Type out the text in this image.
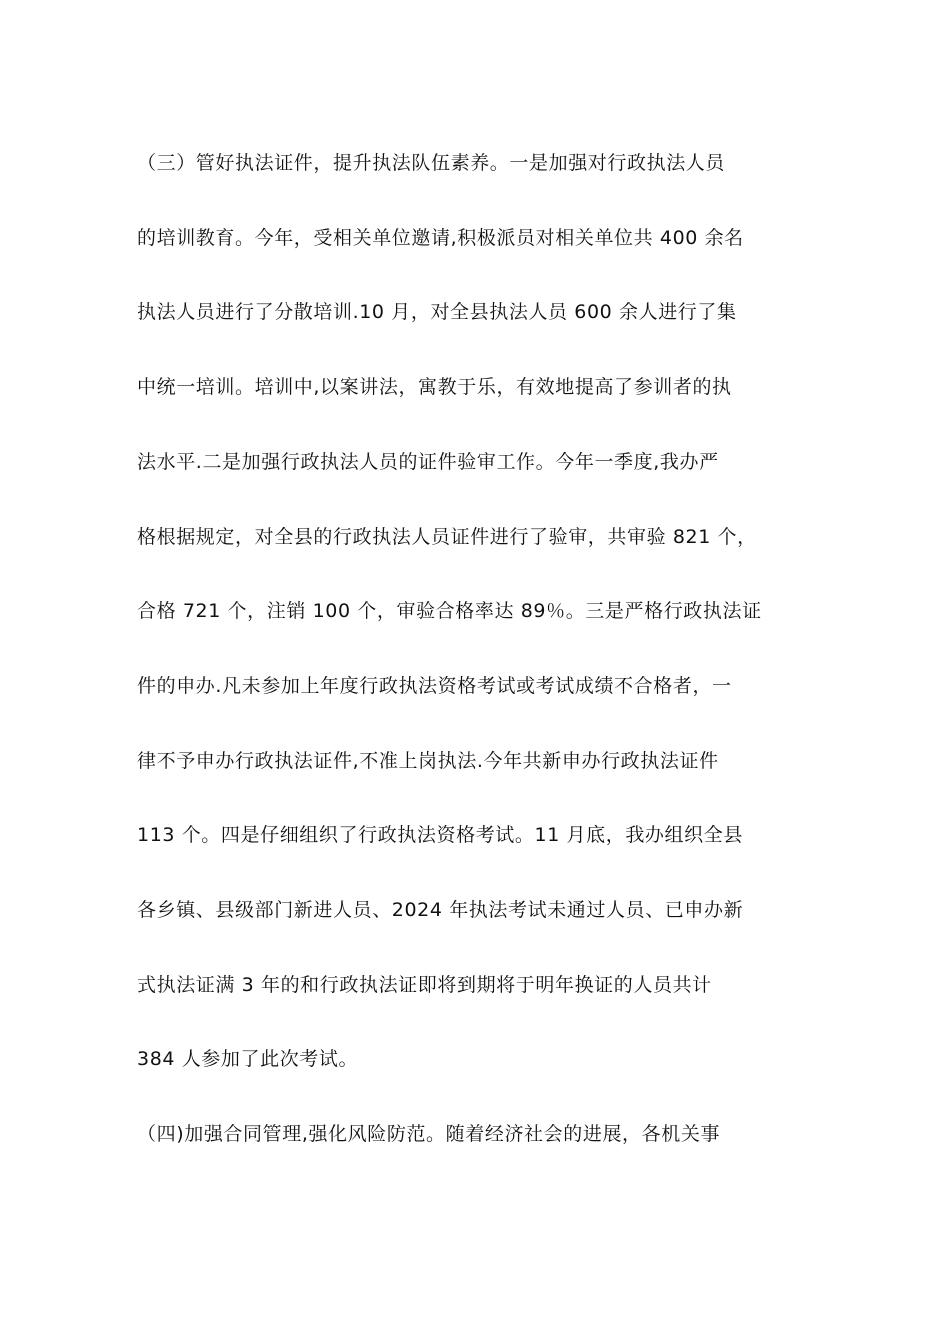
（三）管好执法证件，提升执法队伍素养。一是加强对行政执法人员
的培训教育。今年，受相关单位邀请,积极派员对相关单位共 400 余名
执法人员进行了分散培训.10 月，对全县执法人员 600 余人进行了集
中统一培训。培训中,以案讲法，寓教于乐，有效地提高了参训者的执
法水平.二是加强行政执法人员的证件验审工作。今年一季度,我办严
格根据规定，对全县的行政执法人员证件进行了验审，共审验 821 个，
合格 721 个，注销 100 个，审验合格率达 89％。三是严格行政执法证
件的申办.凡未参加上年度行政执法资格考试或考试成绩不合格者，一
律不予申办行政执法证件,不准上岗执法.今年共新申办行政执法证件
113 个。四是仔细组织了行政执法资格考试。11 月底，我办组织全县
各乡镇、县级部门新进人员、2024 年执法考试未通过人员、已申办新
式执法证满 3 年的和行政执法证即将到期将于明年换证的人员共计
384 人参加了此次考试。
（四)加强合同管理,强化风险防范。随着经济社会的进展，各机关事
